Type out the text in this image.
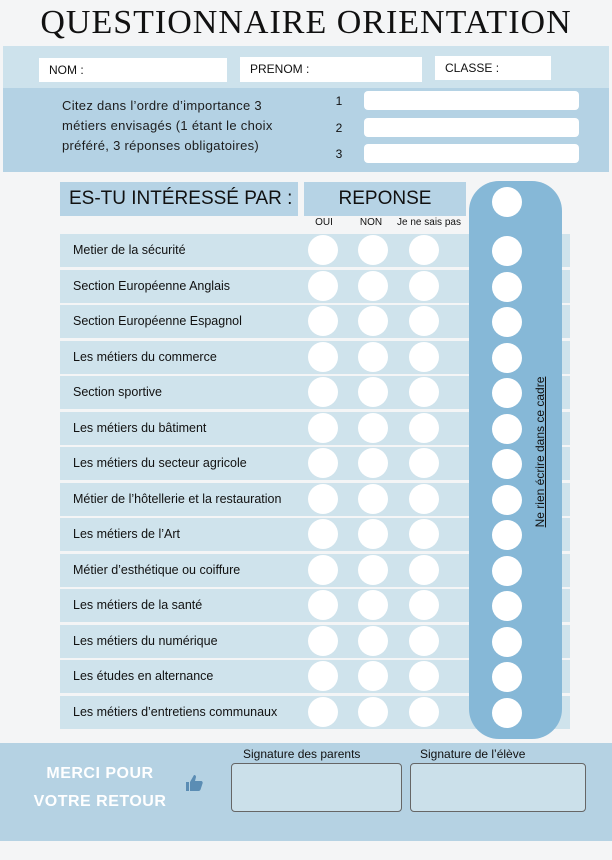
QUESTIONNAIRE ORIENTATION
NOM :	PRENOM :	CLASSE :
Citez dans l’ordre d’importance 3
métiers envisagés (1 étant le choix
préféré, 3 réponses obligatoires)
1
2
3
ES-TU INTÉRESSÉ PAR :	REPONSE
OUI	NON	Je ne sais pas
Metier de la sécurité
Section Européenne Anglais
Section Européenne Espagnol
Les métiers du commerce
Section sportive
Les métiers du bâtiment
Les métiers du secteur agricole
Métier de l’hôtellerie et la restauration
Les métiers de l’Art
Métier d’esthétique ou coiffure
Les métiers de la santé
Les métiers du numérique
Les études en alternance
Les métiers d’entretiens communaux
Ne rien écrire dans ce cadre
MERCI POUR
VOTRE RETOUR
Signature des parents	Signature de l’élève
